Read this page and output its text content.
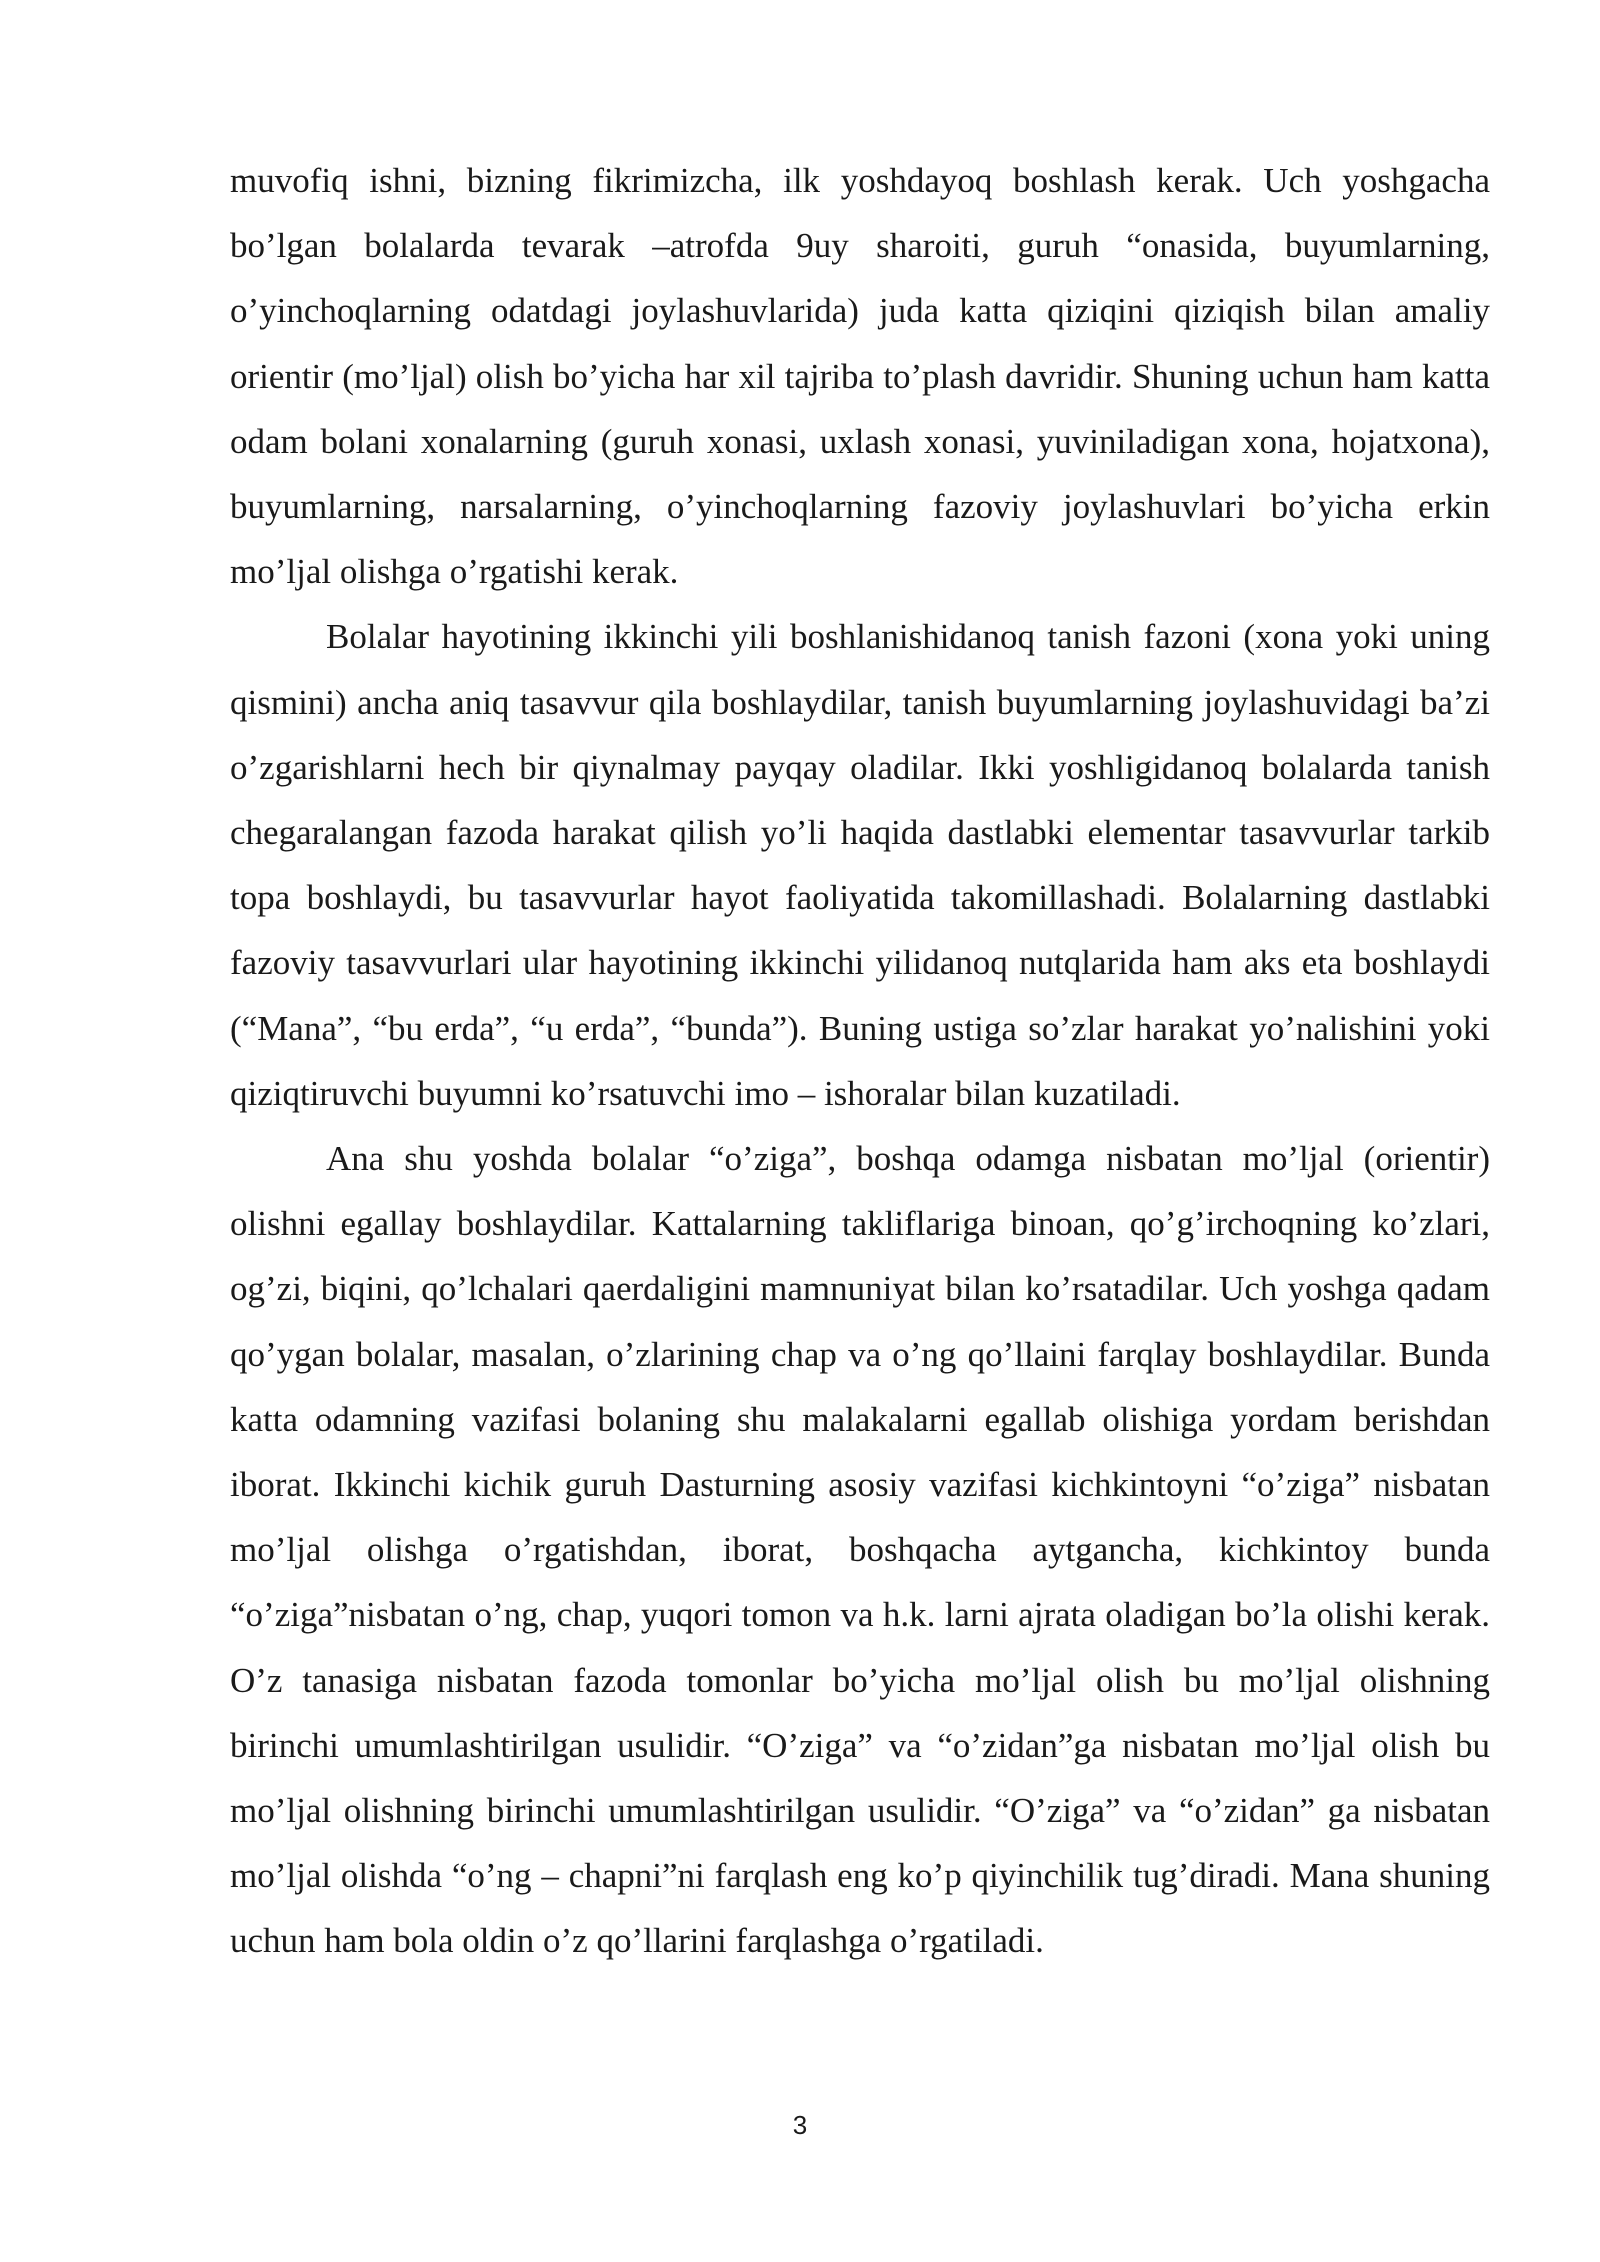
muvofiq ishni, bizning fikrimizcha, ilk yoshdayoq boshlash kerak. Uch yoshgacha bo’lgan bolalarda tevarak –atrofda 9uy sharoiti, guruh “onasida, buyumlarning, o’yinchoqlarning odatdagi joylashuvlarida) juda katta qiziqini qiziqish bilan amaliy orientir (mo’ljal) olish bo’yicha har xil tajriba to’plash davridir. Shuning uchun ham katta odam bolani xonalarning (guruh xonasi, uxlash xonasi, yuviniladigan xona, hojatxona), buyumlarning, narsalarning, o’yinchoqlarning fazoviy joylashuvlari bo’yicha erkin mo’ljal olishga o’rgatishi kerak.

Bolalar hayotining ikkinchi yili boshlanishidanoq tanish fazoni (xona yoki uning qismini) ancha aniq tasavvur qila boshlaydilar, tanish buyumlarning joylashuvidagi ba’zi o’zgarishlarni hech bir qiynalmay payqay oladilar. Ikki yoshligidanoq bolalarda tanish chegaralangan fazoda harakat qilish yo’li haqida dastlabki elementar tasavvurlar tarkib topa boshlaydi, bu tasavvurlar hayot faoliyatida takomillashadi. Bolalarning dastlabki fazoviy tasavvurlari ular hayotining ikkinchi yilidanoq nutqlarida ham aks eta boshlaydi (“Mana”, “bu erda”, “u erda”, “bunda”). Buning ustiga so’zlar harakat yo’nalishini yoki qiziqtiruvchi buyumni ko’rsatuvchi imo – ishoralar bilan kuzatiladi.

Ana shu yoshda bolalar “o’ziga”, boshqa odamga nisbatan mo’ljal (orientir) olishni egallay boshlaydilar. Kattalarning takliflariga binoan, qo’g’irchoqning ko’zlari, og’zi, biqini, qo’lchalari qaerdaligini mamnuniyat bilan ko’rsatadilar. Uch yoshga qadam qo’ygan bolalar, masalan, o’zlarining chap va o’ng qo’llaini farqlay boshlaydilar. Bunda katta odamning vazifasi bolaning shu malakalarni egallab olishiga yordam berishdan iborat. Ikkinchi kichik guruh Dasturning asosiy vazifasi kichkintoyni “o’ziga” nisbatan mo’ljal olishga o’rgatishdan, iborat, boshqacha aytgancha, kichkintoy bunda “o’ziga”nisbatan o’ng, chap, yuqori tomon va h.k. larni ajrata oladigan bo’la olishi kerak. O’z tanasiga nisbatan fazoda tomonlar bo’yicha mo’ljal olish bu mo’ljal olishning birinchi umumlashtirilgan usulidir. “O’ziga” va “o’zidan”ga nisbatan mo’ljal olish bu mo’ljal olishning birinchi umumlashtirilgan usulidir. “O’ziga” va “o’zidan” ga nisbatan mo’ljal olishda “o’ng – chapni”ni farqlash eng ko’p qiyinchilik tug’diradi. Mana shuning uchun ham bola oldin o’z qo’llarini farqlashga o’rgatiladi.

3
